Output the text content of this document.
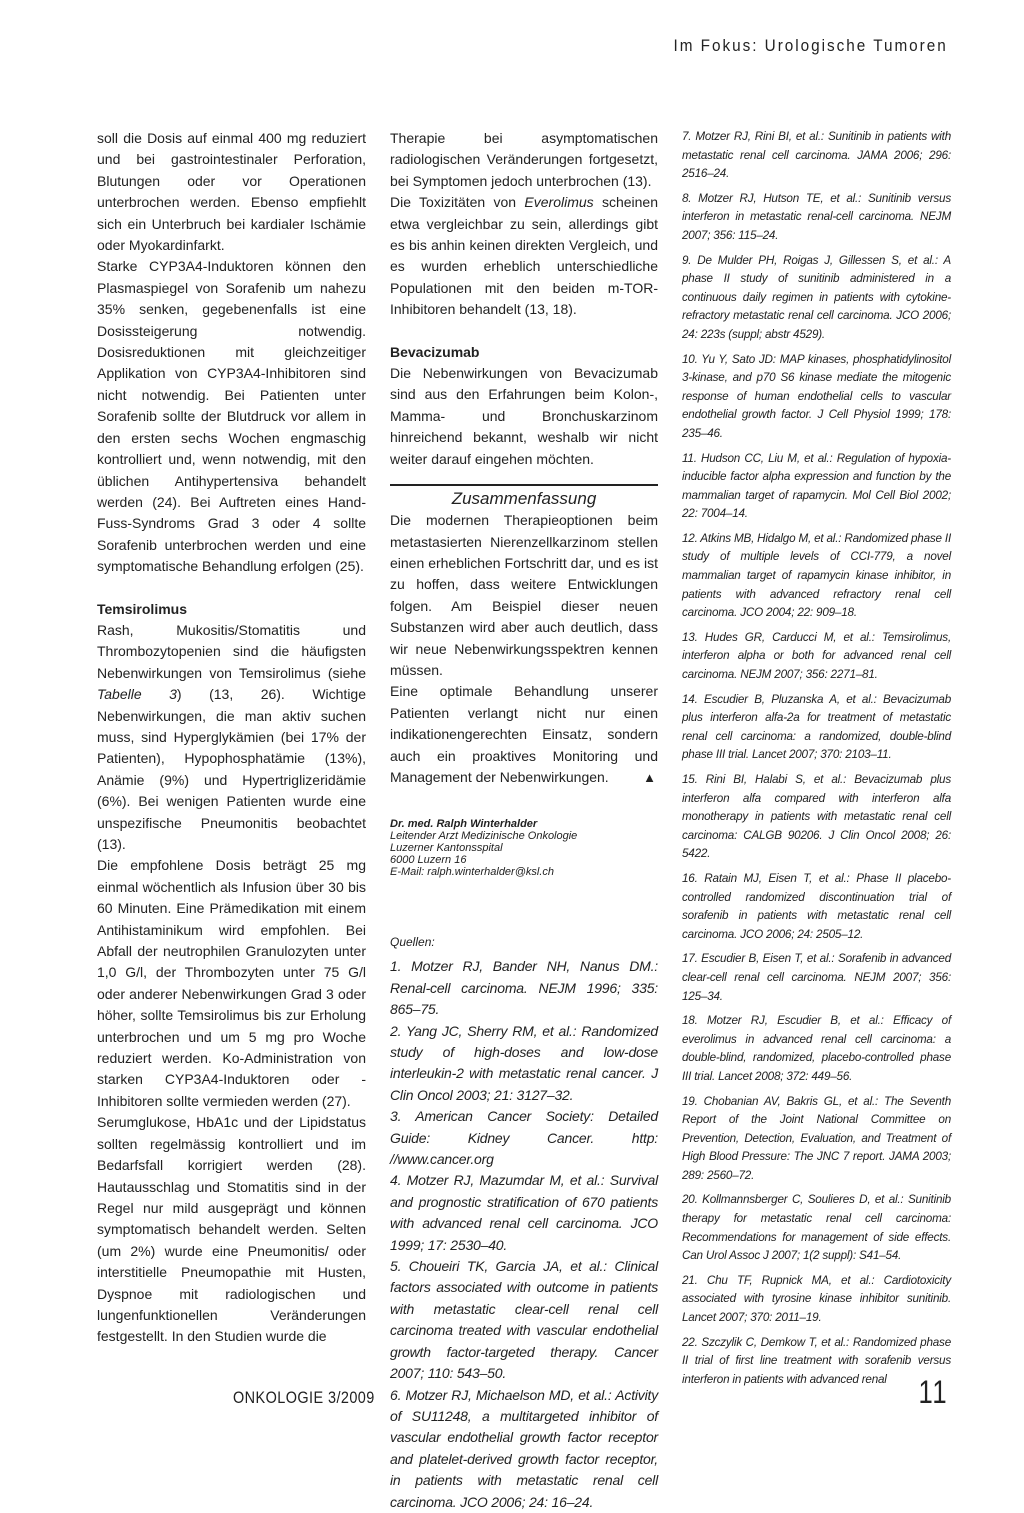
Im Fokus: Urologische Tumoren

soll die Dosis auf einmal 400 mg reduziert und bei gastrointestinaler Perforation, Blutungen oder vor Operationen unterbrochen werden. Ebenso empfiehlt sich ein Unterbruch bei kardialer Ischämie oder Myokardinfarkt.

Starke CYP3A4-Induktoren können den Plasmaspiegel von Sorafenib um nahezu 35% senken, gegebenenfalls ist eine Dosissteigerung notwendig. Dosisreduktionen mit gleichzeitiger Applikation von CYP3A4-Inhibitoren sind nicht notwendig. Bei Patienten unter Sorafenib sollte der Blutdruck vor allem in den ersten sechs Wochen engmaschig kontrolliert und, wenn notwendig, mit den üblichen Antihypertensiva behandelt werden (24). Bei Auftreten eines Hand-Fuss-Syndroms Grad 3 oder 4 sollte Sorafenib unterbrochen werden und eine symptomatische Behandlung erfolgen (25).

Temsirolimus

Rash, Mukositis/Stomatitis und Thrombozytopenien sind die häufigsten Nebenwirkungen von Temsirolimus (siehe Tabelle 3) (13, 26). Wichtige Nebenwirkungen, die man aktiv suchen muss, sind Hyperglykämien (bei 17% der Patienten), Hypophosphatämie (13%), Anämie (9%) und Hypertriglizeridämie (6%). Bei wenigen Patienten wurde eine unspezifische Pneumonitis beobachtet (13).

Die empfohlene Dosis beträgt 25 mg einmal wöchentlich als Infusion über 30 bis 60 Minuten. Eine Prämedikation mit einem Antihistaminikum wird empfohlen. Bei Abfall der neutrophilen Granulozyten unter 1,0 G/l, der Thrombozyten unter 75 G/l oder anderer Nebenwirkungen Grad 3 oder höher, sollte Temsirolimus bis zur Erholung unterbrochen und um 5 mg pro Woche reduziert werden. Ko-Administration von starken CYP3A4-Induktoren oder -Inhibitoren sollte vermieden werden (27).

Serumglukose, HbA1c und der Lipidstatus sollten regelmässig kontrolliert und im Bedarfsfall korrigiert werden (28). Hautausschlag und Stomatitis sind in der Regel nur mild ausgeprägt und können symptomatisch behandelt werden. Selten (um 2%) wurde eine Pneumonitis/ oder interstitielle Pneumopathie mit Husten, Dyspnoe mit radiologischen und lungenfunktionellen Veränderungen festgestellt. In den Studien wurde die

Therapie bei asymptomatischen radiologischen Veränderungen fortgesetzt, bei Symptomen jedoch unterbrochen (13).

Die Toxizitäten von Everolimus scheinen etwa vergleichbar zu sein, allerdings gibt es bis anhin keinen direkten Vergleich, und es wurden erheblich unterschiedliche Populationen mit den beiden m-TOR-Inhibitoren behandelt (13, 18).

Bevacizumab

Die Nebenwirkungen von Bevacizumab sind aus den Erfahrungen beim Kolon-, Mamma- und Bronchuskarzinom hinreichend bekannt, weshalb wir nicht weiter darauf eingehen möchten.

Zusammenfassung

Die modernen Therapieoptionen beim metastasierten Nierenzellkarzinom stellen einen erheblichen Fortschritt dar, und es ist zu hoffen, dass weitere Entwicklungen folgen. Am Beispiel dieser neuen Substanzen wird aber auch deutlich, dass wir neue Nebenwirkungsspektren kennen müssen.

Eine optimale Behandlung unserer Patienten verlangt nicht nur einen indikationengerechten Einsatz, sondern auch ein proaktives Monitoring und Management der Nebenwirkungen.	▲

Dr. med. Ralph Winterhalder
Leitender Arzt Medizinische Onkologie
Luzerner Kantonsspital
6000 Luzern 16
E-Mail: ralph.winterhalder@ksl.ch
Quellen:

1. Motzer RJ, Bander NH, Nanus DM.: Renal-cell carcinoma. NEJM 1996; 335: 865–75.

2. Yang JC, Sherry RM, et al.: Randomized study of high-doses and low-dose interleukin-2 with metastatic renal cancer. J Clin Oncol 2003; 21: 3127–32.

3. American Cancer Society: Detailed Guide: Kidney Cancer. http: //www.cancer.org

4. Motzer RJ, Mazumdar M, et al.: Survival and prognostic stratification of 670 patients with advanced renal cell carcinoma. JCO 1999; 17: 2530–40.

5. Choueiri TK, Garcia JA, et al.: Clinical factors associated with outcome in patients with metastatic clear-cell renal cell carcinoma treated with vascular endothelial growth factor-targeted therapy. Cancer 2007; 110: 543–50.

6. Motzer RJ, Michaelson MD, et al.: Activity of SU11248, a multitargeted inhibitor of vascular endothelial growth factor receptor and platelet-derived growth factor receptor, in patients with metastatic renal cell carcinoma. JCO 2006; 24: 16–24.

7. Motzer RJ, Rini BI, et al.: Sunitinib in patients with metastatic renal cell carcinoma. JAMA 2006; 296: 2516–24.

8. Motzer RJ, Hutson TE, et al.: Sunitinib versus interferon in metastatic renal-cell carcinoma. NEJM 2007; 356: 115–24.

9. De Mulder PH, Roigas J, Gillessen S, et al.: A phase II study of sunitinib administered in a continuous daily regimen in patients with cytokine-refractory metastatic renal cell carcinoma. JCO 2006; 24: 223s (suppl; abstr 4529).

10. Yu Y, Sato JD: MAP kinases, phosphatidylinositol 3-kinase, and p70 S6 kinase mediate the mitogenic response of human endothelial cells to vascular endothelial growth factor. J Cell Physiol 1999; 178: 235–46.

11. Hudson CC, Liu M, et al.: Regulation of hypoxia-inducible factor alpha expression and function by the mammalian target of rapamycin. Mol Cell Biol 2002; 22: 7004–14.

12. Atkins MB, Hidalgo M, et al.: Randomized phase II study of multiple levels of CCI-779, a novel mammalian target of rapamycin kinase inhibitor, in patients with advanced refractory renal cell carcinoma. JCO 2004; 22: 909–18.

13. Hudes GR, Carducci M, et al.: Temsirolimus, interferon alpha or both for advanced renal cell carcinoma. NEJM 2007; 356: 2271–81.

14. Escudier B, Pluzanska A, et al.: Bevacizumab plus interferon alfa-2a for treatment of metastatic renal cell carcinoma: a randomized, double-blind phase III trial. Lancet 2007; 370: 2103–11.

15. Rini BI, Halabi S, et al.: Bevacizumab plus interferon alfa compared with interferon alfa monotherapy in patients with metastatic renal cell carcinoma: CALGB 90206. J Clin Oncol 2008; 26: 5422.

16. Ratain MJ, Eisen T, et al.: Phase II placebo-controlled randomized discontinuation trial of sorafenib in patients with metastatic renal cell carcinoma. JCO 2006; 24: 2505–12.

17. Escudier B, Eisen T, et al.: Sorafenib in advanced clear-cell renal cell carcinoma. NEJM 2007; 356: 125–34.

18. Motzer RJ, Escudier B, et al.: Efficacy of everolimus in advanced renal cell carcinoma: a double-blind, randomized, placebo-controlled phase III trial. Lancet 2008; 372: 449–56.

19. Chobanian AV, Bakris GL, et al.: The Seventh Report of the Joint National Committee on Prevention, Detection, Evaluation, and Treatment of High Blood Pressure: The JNC 7 report. JAMA 2003; 289: 2560–72.

20. Kollmannsberger C, Soulieres D, et al.: Sunitinib therapy for metastatic renal cell carcinoma: Recommendations for management of side effects. Can Urol Assoc J 2007; 1(2 suppl): S41–54.

21. Chu TF, Rupnick MA, et al.: Cardiotoxicity associated with tyrosine kinase inhibitor sunitinib. Lancet 2007; 370: 2011–19.

22. Szczylik C, Demkow T, et al.: Randomized phase II trial of first line treatment with sorafenib versus interferon in patients with advanced renal

ONKOLOGIE 3/2009	11
